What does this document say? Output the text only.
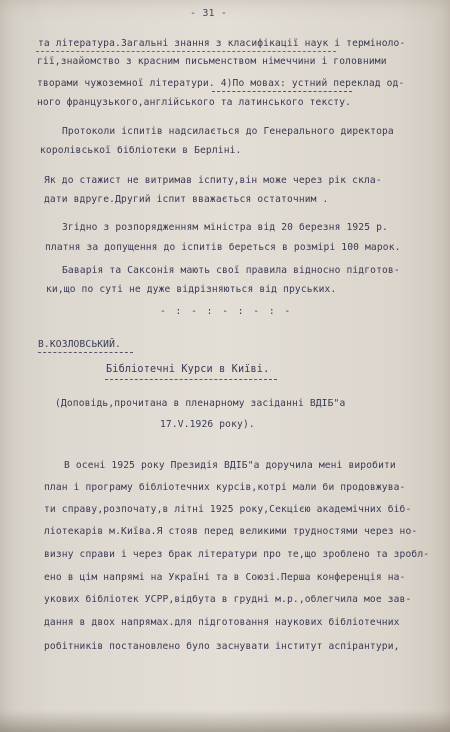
- 31 -
та література.Загальні знання з класифікації наук і терміноло-
гії,знайомство з красним письменством німеччини і головними
творами чужоземної літератури. 4)По мовах: устний переклад од-
ного французького,англійського та латинського тексту.
Протоколи іспитів надсилається до Генерального директора
королівської бібліотеки в Берліні.
Як до стажист не витримав іспиту,він може через рік скла-
дати вдруге.Другий іспит вважається остаточним .
Згідно з розпорядженням міністра від 20 березня 1925 р.
платня за допущення до іспитів береться в розмірі 100 марок.
Баварія та Саксонія мають свої правила відносно підготов-
ки,що по суті не дуже відрізняються від пруських.
- : - : - : - : -
В.КОЗЛОВСЬКИЙ.
Бібліотечні Курси в Київі.
(Доповідь,прочитана в пленарному засіданні ВДІБ"а
17.V.1926 року).
В осені 1925 року Президія ВДІБ"а доручила мені виробити
план і програму бібліотечних курсів,котрі мали би продовжува-
ти справу,розпочату,в літні 1925 року,Секцією академічних біб-
ліотекарів м.Київа.Я стояв перед великими трудностями через но-
визну справи і через брак літератури про те,що зроблено та зробл-
ено в цім напрямі на Україні та в Союзі.Перша конференція на-
укових бібліотек УСРР,відбута в грудні м.р.,облегчила мое зав-
дання в двох напрямах.для підготовання наукових бібліотечних
робітників постановлено було заснувати інститут аспірантури,
